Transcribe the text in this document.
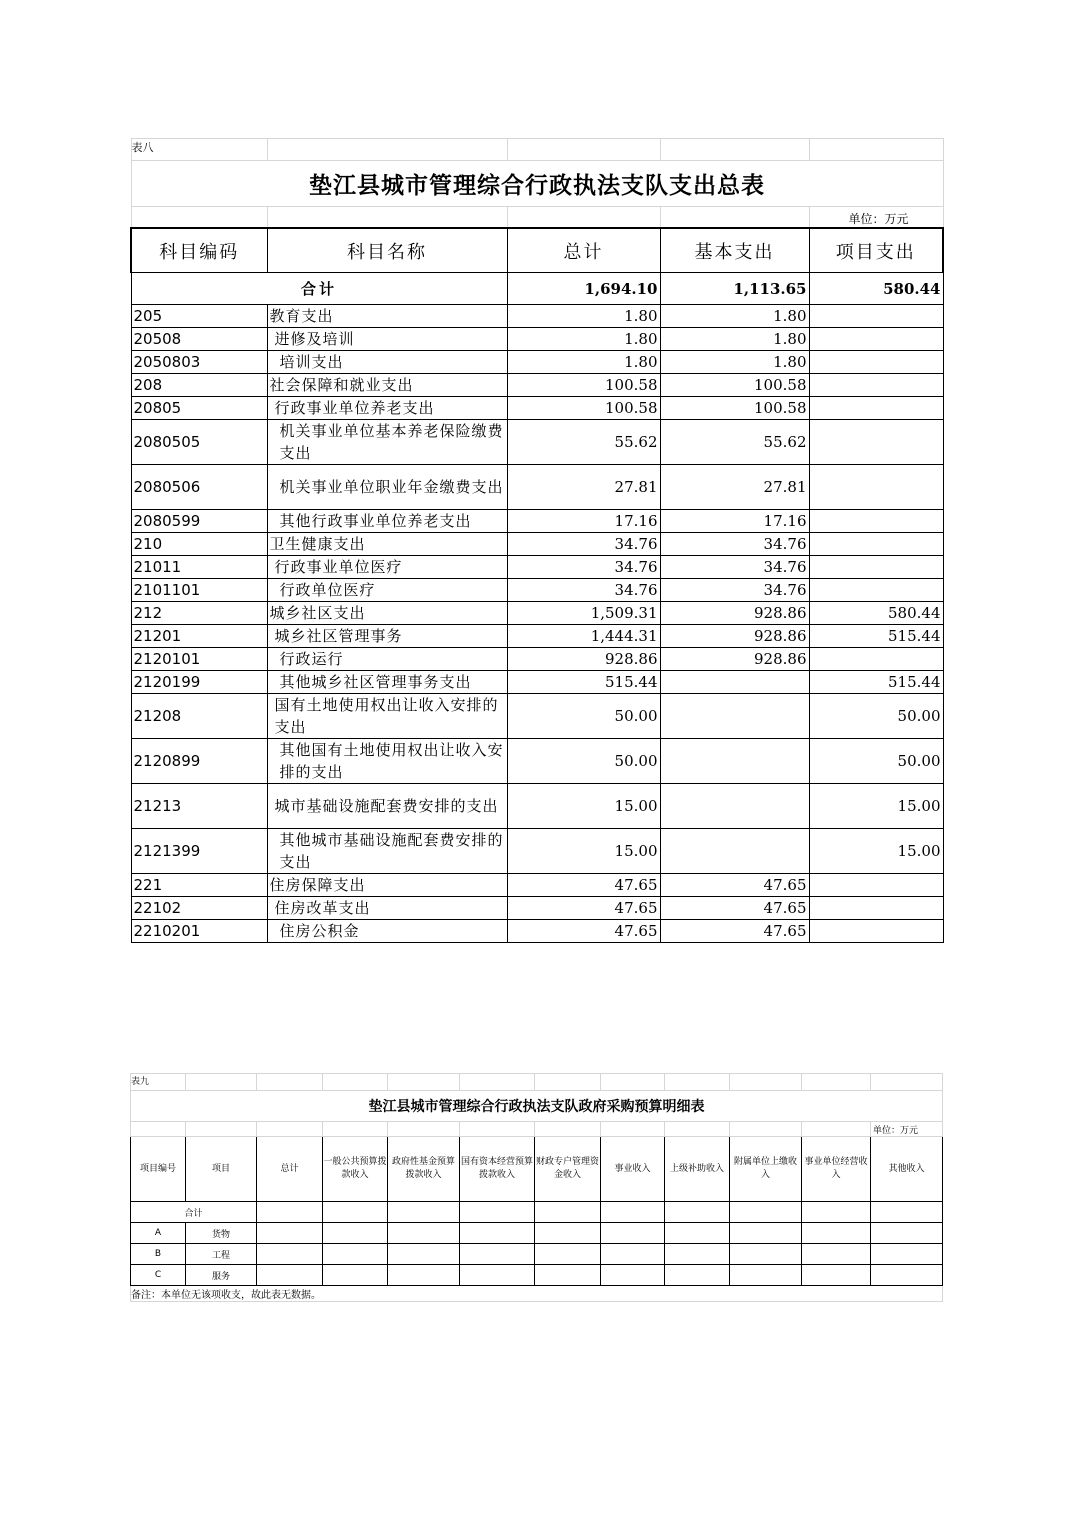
表八				
垫江县城市管理综合行政执法支队支出总表				
				单位：万元
科目编码	科目名称	总计	基本支出	项目支出
合计		1,694.10	1,113.65	580.44
205	教育支出	1.80	1.80	
20508	进修及培训	1.80	1.80	
2050803	培训支出	1.80	1.80	
208	社会保障和就业支出	100.58	100.58	
20805	行政事业单位养老支出	100.58	100.58	
2080505	机关事业单位基本养老保险缴费支出	55.62	55.62	
2080506	机关事业单位职业年金缴费支出	27.81	27.81	
2080599	其他行政事业单位养老支出	17.16	17.16	
210	卫生健康支出	34.76	34.76	
21011	行政事业单位医疗	34.76	34.76	
2101101	行政单位医疗	34.76	34.76	
212	城乡社区支出	1,509.31	928.86	580.44
21201	城乡社区管理事务	1,444.31	928.86	515.44
2120101	行政运行	928.86	928.86	
2120199	其他城乡社区管理事务支出	515.44		515.44
21208	国有土地使用权出让收入安排的支出	50.00		50.00
2120899	其他国有土地使用权出让收入安排的支出	50.00		50.00
21213	城市基础设施配套费安排的支出	15.00		15.00
2121399	其他城市基础设施配套费安排的支出	15.00		15.00
221	住房保障支出	47.65	47.65	
22102	住房改革支出	47.65	47.65	
2210201	住房公积金	47.65	47.65	
表九											
垫江县城市管理综合行政执法支队政府采购预算明细表											
											单位：万元
项目编号	项目	总计	一般公共预算拨款收入	政府性基金预算拨款收入	国有资本经营预算拨款收入	财政专户管理资金收入	事业收入	上级补助收入	附属单位上缴收入	事业单位经营收入	其他收入
合计											
A	货物										
B	工程										
C	服务										
备注：本单位无该项收支，故此表无数据。											
